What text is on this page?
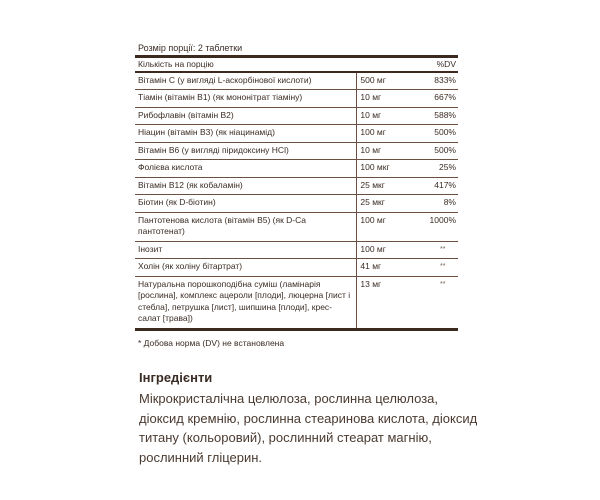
Розмір порції: 2 таблетки
Кількість на порцію	%DV
Вітамін C (у вигляді L-аскорбінової кислоти)	500 мг	833%
Тіамін (вітамін B1) (як мононітрат тіаміну)	10 мг	667%
Рибофлавін (вітамін B2)	10 мг	588%
Ніацин (вітамін B3) (як ніацинамід)	100 мг	500%
Вітамін B6 (у вигляді піридоксину HCl)	10 мг	500%
Фолієва кислота	100 мкг	25%
Вітамін B12 (як кобаламін)	25 мкг	417%
Біотин (як D-біотин)	25 мкг	8%
Пантотенова кислота (вітамін B5) (як D-Ca пантотенат)	100 мг	1000%
Інозит	100 мг	**
Холін (як холіну бітартрат)	41 мг	**
Натуральна порошкоподібна суміш (ламінарія [рослина], комплекс ацероли [плоди], люцерна [лист і стебла], петрушка [лист], шипшина [плоди], крес-салат [трава])	13 мг	**
* Добова норма (DV) не встановлена
Інгредієнти

Мікрокристалічна целюлоза, рослинна целюлоза, діоксид кремнію, рослинна стеаринова кислота, діоксид титану (кольоровий), рослинний стеарат магнію, рослинний гліцерин.
